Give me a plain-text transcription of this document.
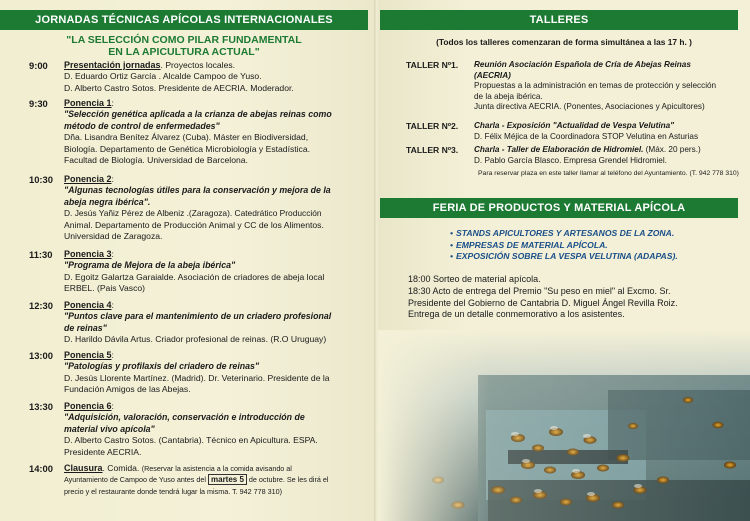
JORNADAS TÉCNICAS APÍCOLAS INTERNACIONALES
"LA SELECCIÓN COMO PILAR FUNDAMENTAL
EN LA APICULTURA ACTUAL"
9:00 Presentación jornadas. Proyectos locales.
D. Eduardo Ortiz García . Alcalde Campoo de Yuso.
D. Alberto Castro Sotos. Presidente de AECRIA. Moderador.
9:30 Ponencia 1:
"Selección genética aplicada a la crianza de abejas reinas como
método de control de enfermedades"
Dña. Lisandra Benítez Álvarez (Cuba). Máster en Biodiversidad,
Biología. Departamento de Genética Microbiología y Estadística.
Facultad de Biología. Universidad de Barcelona.
10:30 Ponencia 2:
"Algunas tecnologías útiles para la conservación y mejora de la
abeja negra ibérica".
D. Jesús Yañiz Pérez de Albeniz .(Zaragoza). Catedrático Producción
Animal. Departamento de Producción Animal y CC de los Alimentos.
Universidad de Zaragoza.
11:30 Ponencia 3:
"Programa de Mejora de la abeja ibérica"
D. Egoitz Galartza Garaialde. Asociación de criadores de abeja local
ERBEL. (Pais Vasco)
12:30 Ponencia 4:
"Puntos clave para el mantenimiento de un criadero profesional
de reinas"
D. Harildo Dávila Artus. Criador profesional de reinas. (R.O Uruguay)
13:00 Ponencia 5:
"Patologías y profilaxis del criadero de reinas"
D. Jesús Llorente Martínez. (Madrid). Dr. Veterinario. Presidente de la
Fundación Amigos de las Abejas.
13:30 Ponencia 6:
"Adquisición, valoración, conservación e introducción de
material vivo apícola"
D. Alberto Castro Sotos. (Cantabria). Técnico en Apicultura. ESPA.
Presidente AECRIA.
14:00 Clausura. Comida. (Reservar la asistencia a la comida avisando al
Ayuntamiento de Campoo de Yuso antes del martes 5 de octubre. Se les dirá el
precio y el restaurante donde tendrá lugar la misma. T. 942 778 310)
TALLERES
(Todos los talleres comenzaran de forma simultánea a las 17 h. )
TALLER Nº1. Reunión Asociación Española de Cría de Abejas Reinas
(AECRIA)
Propuestas a la administración en temas de protección y selección
de la abeja ibérica.
Junta directiva AECRIA. (Ponentes, Asociaciones y Apicultores)
TALLER Nº2. Charla - Exposición "Actualidad de Vespa Velutina"
D. Félix Méjica de la Coordinadora STOP Velutina en Asturias
TALLER Nº3. Charla - Taller de Elaboración de Hidromiel. (Máx. 20 pers.)
D. Pablo García Blasco. Empresa Grendel Hidromiel.
Para reservar plaza en este taller llamar al teléfono del Ayuntamiento. (T. 942 778 310)
FERIA DE PRODUCTOS Y MATERIAL APÍCOLA
• STANDS APICULTORES Y ARTESANOS DE LA ZONA.
• EMPRESAS DE MATERIAL APÍCOLA.
• EXPOSICIÓN SOBRE LA VESPA VELUTINA (ADAPAS).
18:00 Sorteo de material apícola.
18:30 Acto de entrega del Premio "Su peso en miel" al Excmo. Sr.
Presidente del Gobierno de Cantabria D. Miguel Ángel Revilla Roiz.
Entrega de un detalle conmemorativo a los asistentes.
